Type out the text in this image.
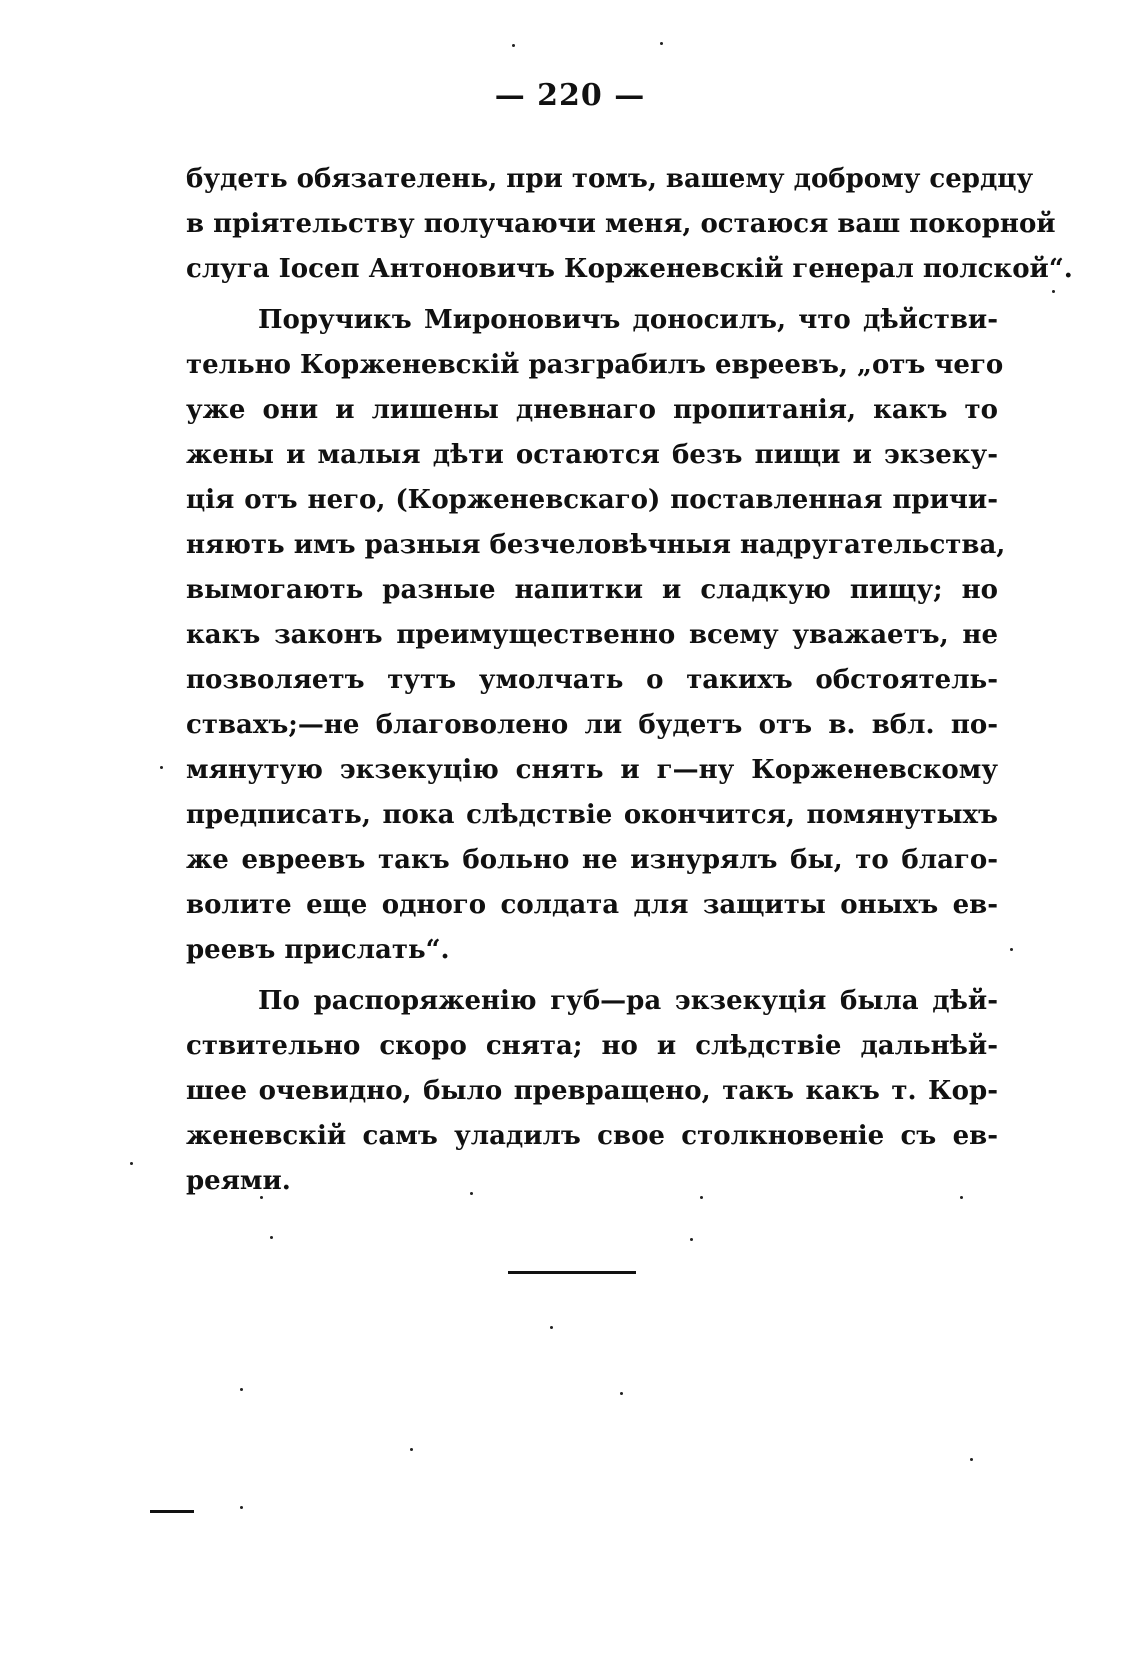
— 220 —

будеть обязателень, при томъ, вашему доброму сердцу
в пріятельству получаючи меня, остаюся ваш покорной
слуга Іосеп Антоновичъ Корженевскій генерал полской“.

Поручикъ Мироновичъ доносилъ, что дѣйстви-
тельно Корженевскій разграбилъ евреевъ, „отъ чего
уже они и лишены дневнаго пропитанія, какъ то
жены и малыя дѣти остаются безъ пищи и экзеку-
ція отъ него, (Корженевскаго) поставленная причи-
няють имъ разныя безчеловѣчныя надругательства,
вымогають разные напитки и сладкую пищу; но
какъ законъ преимущественно всему уважаетъ, не
позволяетъ тутъ умолчать о такихъ обстоятель-
ствахъ;—не благоволено ли будетъ отъ в. вбл. по-
мянутую экзекуцію снять и г—ну Корженевскому
предписать, пока слѣдствіе окончится, помянутыхъ
же евреевъ такъ больно не изнурялъ бы, то благо-
волите еще одного солдата для защиты оныхъ ев-
реевъ прислать“.

По распоряженію губ—ра экзекуція была дѣй-
ствительно скоро снята; но и слѣдствіе дальнѣй-
шее очевидно, было превращено, такъ какъ т. Кор-
женевскій самъ уладилъ свое столкновеніе съ ев-
реями.
